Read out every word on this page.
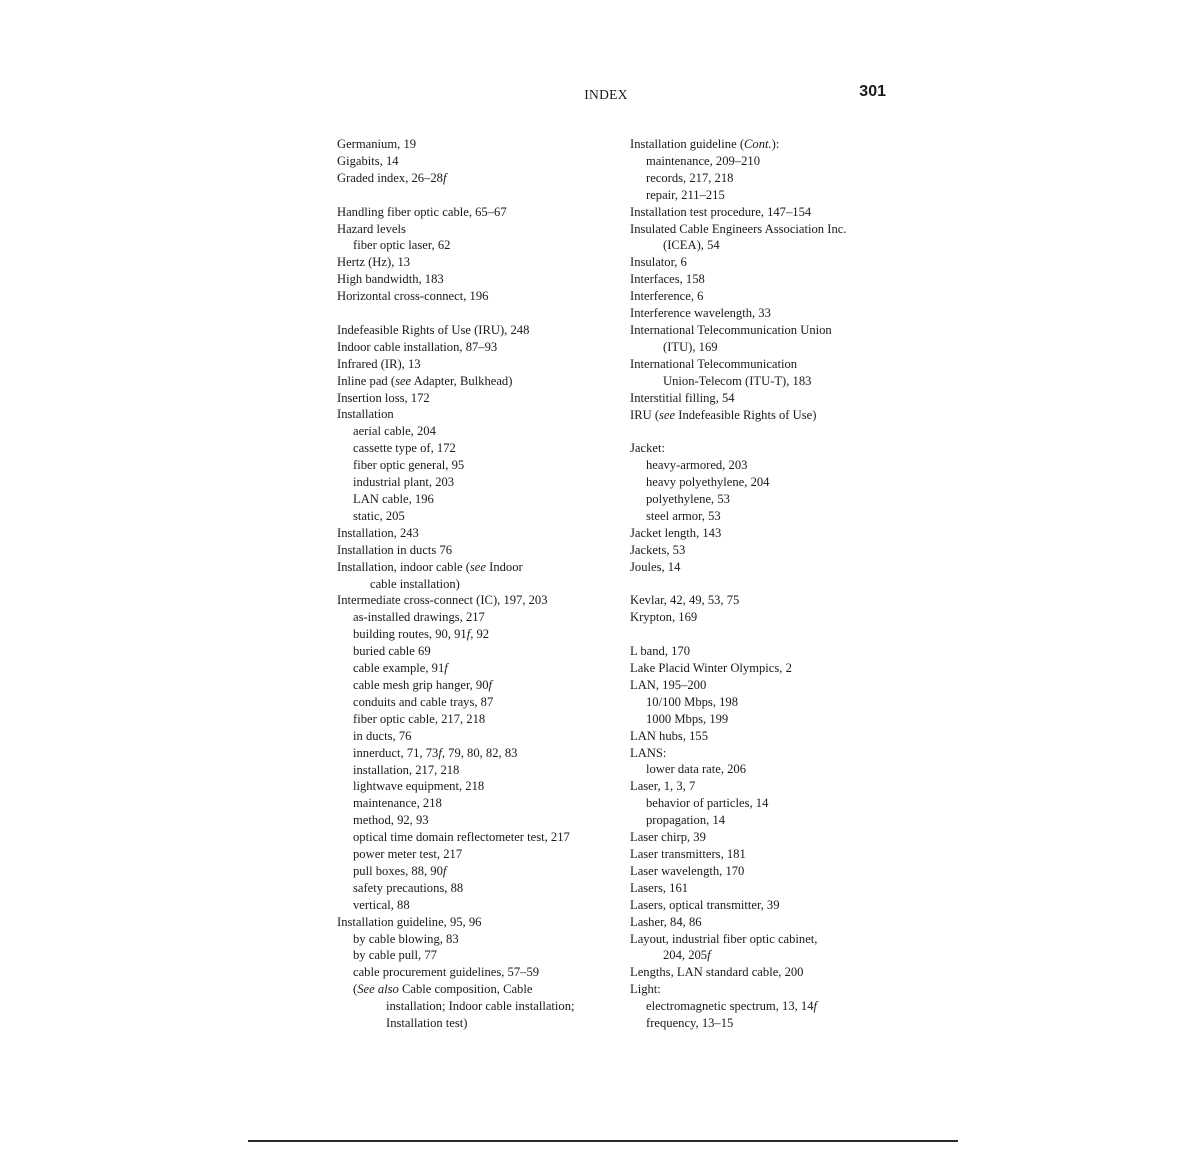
INDEX	301
Germanium, 19
Gigabits, 14
Graded index, 26–28f
Handling fiber optic cable, 65–67
Hazard levels
fiber optic laser, 62
Hertz (Hz), 13
High bandwidth, 183
Horizontal cross-connect, 196
Indefeasible Rights of Use (IRU), 248
Indoor cable installation, 87–93
Infrared (IR), 13
Inline pad (see Adapter, Bulkhead)
Insertion loss, 172
Installation
aerial cable, 204
cassette type of, 172
fiber optic general, 95
industrial plant, 203
LAN cable, 196
static, 205
Installation, 243
Installation in ducts 76
Installation, indoor cable (see Indoor
cable installation)
Intermediate cross-connect (IC), 197, 203
as-installed drawings, 217
building routes, 90, 91f, 92
buried cable 69
cable example, 91f
cable mesh grip hanger, 90f
conduits and cable trays, 87
fiber optic cable, 217, 218
in ducts, 76
innerduct, 71, 73f, 79, 80, 82, 83
installation, 217, 218
lightwave equipment, 218
maintenance, 218
method, 92, 93
optical time domain reflectometer test, 217
power meter test, 217
pull boxes, 88, 90f
safety precautions, 88
vertical, 88
Installation guideline, 95, 96
by cable blowing, 83
by cable pull, 77
cable procurement guidelines, 57–59
(See also Cable composition, Cable
installation; Indoor cable installation;
Installation test)
Installation guideline (Cont.):
maintenance, 209–210
records, 217, 218
repair, 211–215
Installation test procedure, 147–154
Insulated Cable Engineers Association Inc.
(ICEA), 54
Insulator, 6
Interfaces, 158
Interference, 6
Interference wavelength, 33
International Telecommunication Union
(ITU), 169
International Telecommunication
Union-Telecom (ITU-T), 183
Interstitial filling, 54
IRU (see Indefeasible Rights of Use)
Jacket:
heavy-armored, 203
heavy polyethylene, 204
polyethylene, 53
steel armor, 53
Jacket length, 143
Jackets, 53
Joules, 14
Kevlar, 42, 49, 53, 75
Krypton, 169
L band, 170
Lake Placid Winter Olympics, 2
LAN, 195–200
10/100 Mbps, 198
1000 Mbps, 199
LAN hubs, 155
LANS:
lower data rate, 206
Laser, 1, 3, 7
behavior of particles, 14
propagation, 14
Laser chirp, 39
Laser transmitters, 181
Laser wavelength, 170
Lasers, 161
Lasers, optical transmitter, 39
Lasher, 84, 86
Layout, industrial fiber optic cabinet,
204, 205f
Lengths, LAN standard cable, 200
Light:
electromagnetic spectrum, 13, 14f
frequency, 13–15
